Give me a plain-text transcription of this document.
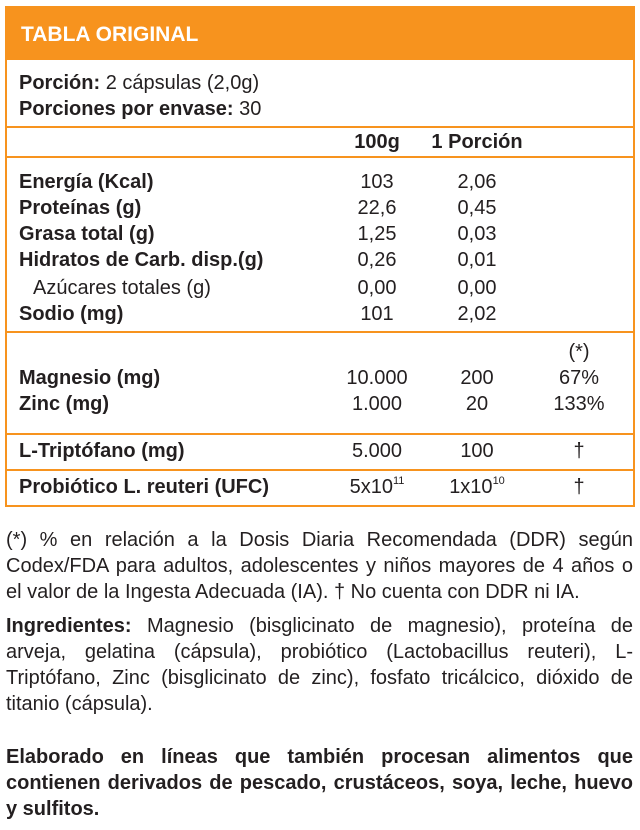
TABLA ORIGINAL
Porción: 2 cápsulas (2,0g)
Porciones por envase: 30
100g	1 Porción
Energía (Kcal)	103	2,06
Proteínas (g)	22,6	0,45
Grasa total (g)	1,25	0,03
Hidratos de Carb. disp.(g)	0,26	0,01
Azúcares totales (g)	0,00	0,00
Sodio (mg)	101	2,02
(*)
Magnesio (mg)	10.000	200	67%
Zinc (mg)	1.000	20	133%
L-Triptófano (mg)	5.000	100	†
Probiótico L. reuteri (UFC)	$5x10^{11}$	$1x10^{10}$	†
(*) % en relación a la Dosis Diaria Recomendada (DDR) según Codex/FDA para adultos, adolescentes y niños mayores de 4 años o el valor de la Ingesta Adecuada (IA). † No cuenta con DDR ni IA.
Ingredientes: Magnesio (bisglicinato de magnesio), proteína de arveja, gelatina (cápsula), probiótico (Lactobacillus reuteri), L-Triptófano, Zinc (bisglicinato de zinc), fosfato tricálcico, dióxido de titanio (cápsula).
Elaborado en líneas que también procesan alimentos que contienen derivados de pescado, crustáceos, soya, leche, huevo y sulfitos.
